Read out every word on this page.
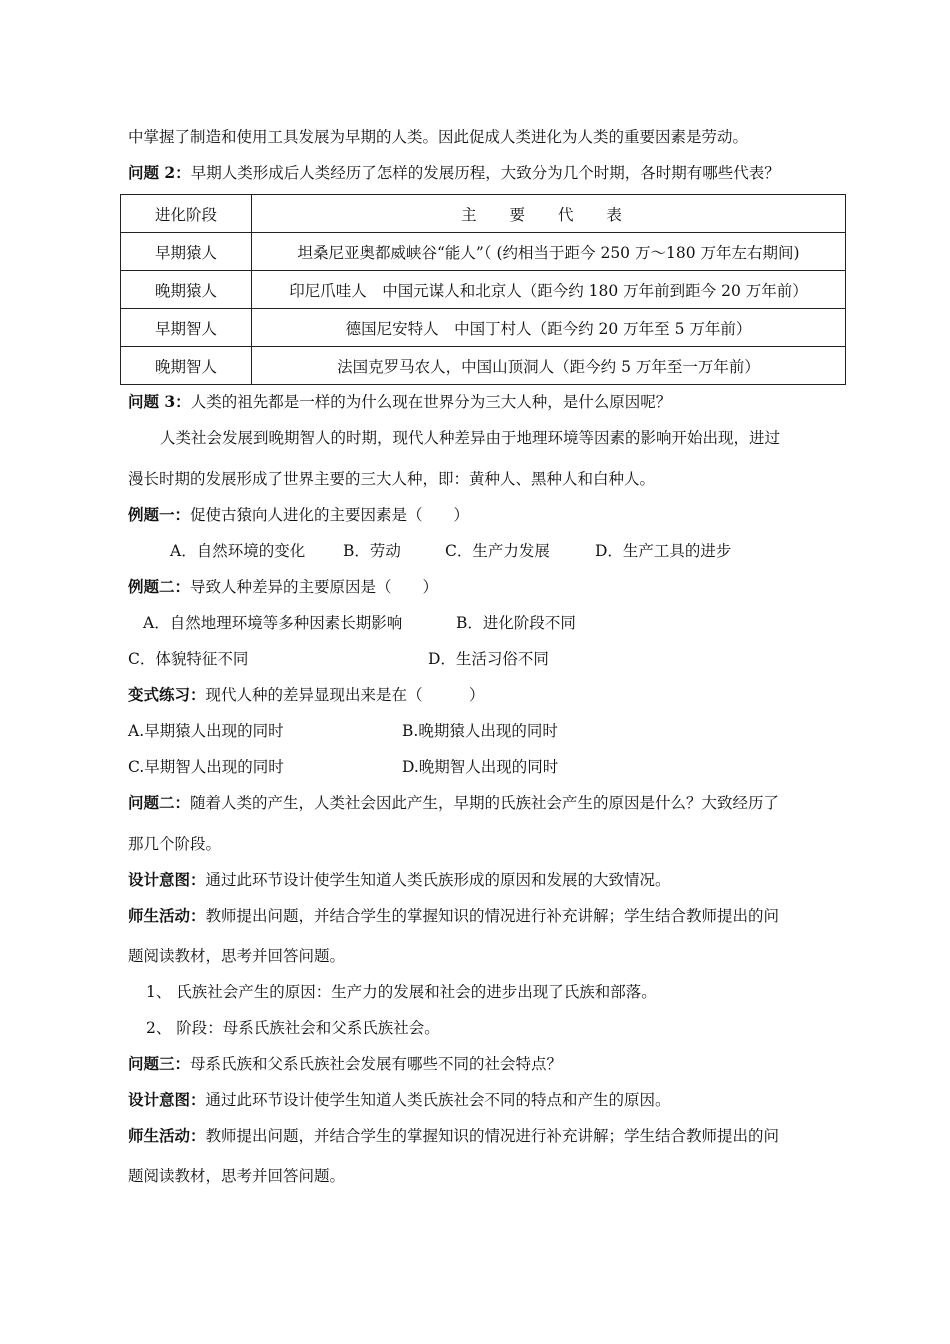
中掌握了制造和使用工具发展为早期的人类。因此促成人类进化为人类的重要因素是劳动。
问题 2：早期人类形成后人类经历了怎样的发展历程，大致分为几个时期，各时期有哪些代表？
进化阶段	主 要 代 表
早期猿人	坦桑尼亚奥都威峡谷“能人”（ (约相当于距今 250 万～180 万年左右期间)
晚期猿人	印尼爪哇人　中国元谋人和北京人（距今约 180 万年前到距今 20 万年前）
早期智人	德国尼安特人　中国丁村人（距今约 20 万年至 5 万年前）
晚期智人	法国克罗马农人，中国山顶洞人（距今约 5 万年至一万年前）
问题 3：人类的祖先都是一样的为什么现在世界分为三大人种，是什么原因呢？
人类社会发展到晚期智人的时期，现代人种差异由于地理环境等因素的影响开始出现，进过
漫长时期的发展形成了世界主要的三大人种，即：黄种人、黑种人和白种人。
例题一：促使古猿向人进化的主要因素是（　　）
A．自然环境的变化 B．劳动	C．生产力发展	D．生产工具的进步
例题二：导致人种差异的主要原因是（　　）
A．自然地理环境等多种因素长期影响	B．进化阶段不同
C．体貌特征不同	D．生活习俗不同
变式练习：现代人种的差异显现出来是在（　　　）
A.早期猿人出现的同时	B.晚期猿人出现的同时
C.早期智人出现的同时	D.晚期智人出现的同时
问题二：随着人类的产生，人类社会因此产生，早期的氏族社会产生的原因是什么？大致经历了
那几个阶段。
设计意图：通过此环节设计使学生知道人类氏族形成的原因和发展的大致情况。
师生活动：教师提出问题，并结合学生的掌握知识的情况进行补充讲解；学生结合教师提出的问
题阅读教材，思考并回答问题。
1、 氏族社会产生的原因：生产力的发展和社会的进步出现了氏族和部落。
2、 阶段：母系氏族社会和父系氏族社会。
问题三：母系氏族和父系氏族社会发展有哪些不同的社会特点？
设计意图：通过此环节设计使学生知道人类氏族社会不同的特点和产生的原因。
师生活动：教师提出问题，并结合学生的掌握知识的情况进行补充讲解；学生结合教师提出的问
题阅读教材，思考并回答问题。
